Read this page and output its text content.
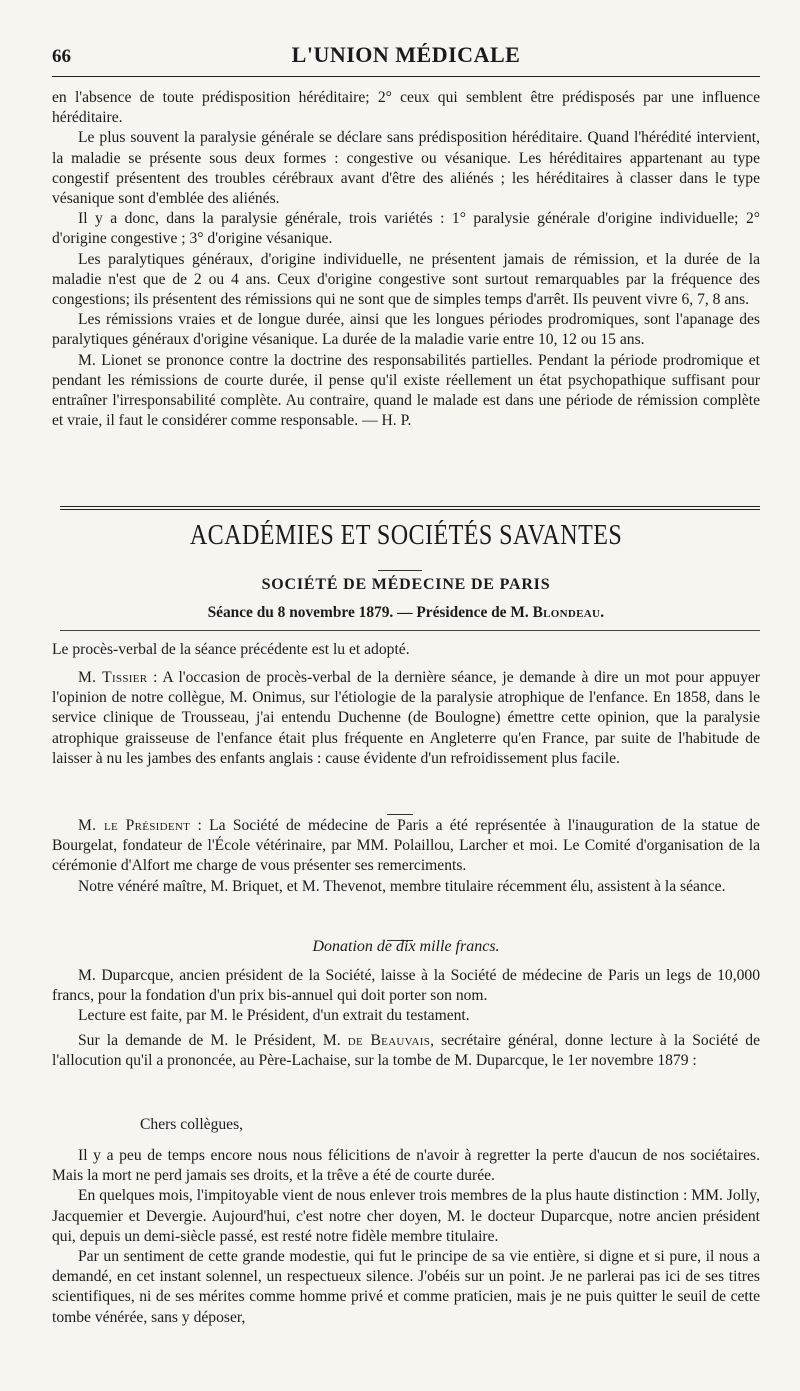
66	L'UNION MÉDICALE

en l'absence de toute prédisposition héréditaire; 2° ceux qui semblent être prédisposés par une influence héréditaire.

Le plus souvent la paralysie générale se déclare sans prédisposition héréditaire. Quand l'hérédité intervient, la maladie se présente sous deux formes : congestive ou vésanique. Les héréditaires appartenant au type congestif présentent des troubles cérébraux avant d'être des aliénés ; les héréditaires à classer dans le type vésanique sont d'emblée des aliénés.

Il y a donc, dans la paralysie générale, trois variétés : 1° paralysie générale d'origine individuelle; 2° d'origine congestive ; 3° d'origine vésanique.

Les paralytiques généraux, d'origine individuelle, ne présentent jamais de rémission, et la durée de la maladie n'est que de 2 ou 4 ans. Ceux d'origine congestive sont surtout remarquables par la fréquence des congestions; ils présentent des rémissions qui ne sont que de simples temps d'arrêt. Ils peuvent vivre 6, 7, 8 ans.

Les rémissions vraies et de longue durée, ainsi que les longues périodes prodromiques, sont l'apanage des paralytiques généraux d'origine vésanique. La durée de la maladie varie entre 10, 12 ou 15 ans.

M. Lionet se prononce contre la doctrine des responsabilités partielles. Pendant la période prodromique et pendant les rémissions de courte durée, il pense qu'il existe réellement un état psychopathique suffisant pour entraîner l'irresponsabilité complète. Au contraire, quand le malade est dans une période de rémission complète et vraie, il faut le considérer comme responsable. — H. P.

ACADÉMIES ET SOCIÉTÉS SAVANTES
SOCIÉTÉ DE MÉDECINE DE PARIS
Séance du 8 novembre 1879. — Présidence de M. Blondeau.

Le procès-verbal de la séance précédente est lu et adopté.

M. Tissier : A l'occasion de procès-verbal de la dernière séance, je demande à dire un mot pour appuyer l'opinion de notre collègue, M. Onimus, sur l'étiologie de la paralysie atrophique de l'enfance. En 1858, dans le service clinique de Trousseau, j'ai entendu Duchenne (de Boulogne) émettre cette opinion, que la paralysie atrophique graisseuse de l'enfance était plus fréquente en Angleterre qu'en France, par suite de l'habitude de laisser à nu les jambes des enfants anglais : cause évidente d'un refroidissement plus facile.

M. le Président : La Société de médecine de Paris a été représentée à l'inauguration de la statue de Bourgelat, fondateur de l'École vétérinaire, par MM. Polaillou, Larcher et moi. Le Comité d'organisation de la cérémonie d'Alfort me charge de vous présenter ses remerciments.

Notre vénéré maître, M. Briquet, et M. Thevenot, membre titulaire récemment élu, assistent à la séance.

Donation de dix mille francs.

M. Duparcque, ancien président de la Société, laisse à la Société de médecine de Paris un legs de 10,000 francs, pour la fondation d'un prix bis-annuel qui doit porter son nom.

Lecture est faite, par M. le Président, d'un extrait du testament.

Sur la demande de M. le Président, M. de Beauvais, secrétaire général, donne lecture à la Société de l'allocution qu'il a prononcée, au Père-Lachaise, sur la tombe de M. Duparcque, le 1er novembre 1879 :

Chers collègues,

Il y a peu de temps encore nous nous félicitions de n'avoir à regretter la perte d'aucun de nos sociétaires. Mais la mort ne perd jamais ses droits, et la trêve a été de courte durée.

En quelques mois, l'impitoyable vient de nous enlever trois membres de la plus haute distinction : MM. Jolly, Jacquemier et Devergie. Aujourd'hui, c'est notre cher doyen, M. le docteur Duparcque, notre ancien président qui, depuis un demi-siècle passé, est resté notre fidèle membre titulaire.

Par un sentiment de cette grande modestie, qui fut le principe de sa vie entière, si digne et si pure, il nous a demandé, en cet instant solennel, un respectueux silence. J'obéis sur un point. Je ne parlerai pas ici de ses titres scientifiques, ni de ses mérites comme homme privé et comme praticien, mais je ne puis quitter le seuil de cette tombe vénérée, sans y déposer,
